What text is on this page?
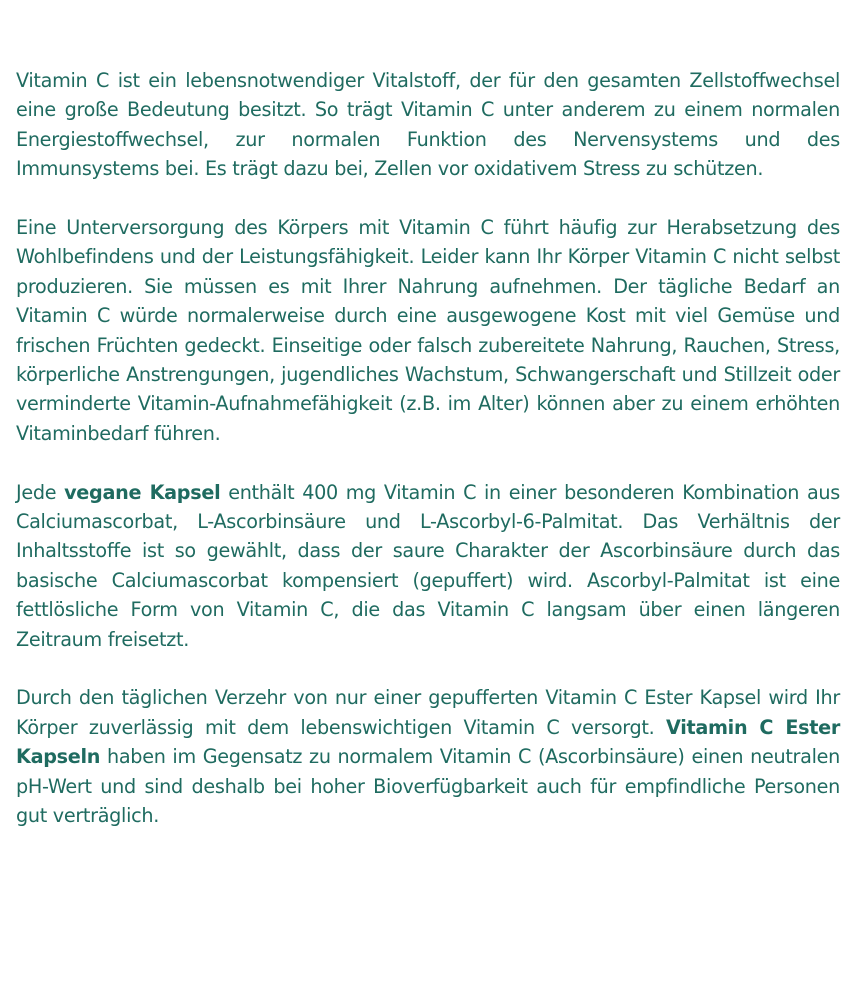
Vitamin C ist ein lebensnotwendiger Vitalstoff, der für den gesamten Zellstoffwechsel eine große Bedeutung besitzt. So trägt Vitamin C unter anderem zu einem normalen Energiestoffwechsel, zur normalen Funktion des Nervensystems und des Immunsystems bei. Es trägt dazu bei, Zellen vor oxidativem Stress zu schützen.

Eine Unterversorgung des Körpers mit Vitamin C führt häufig zur Herabsetzung des Wohlbefindens und der Leistungsfähigkeit. Leider kann Ihr Körper Vitamin C nicht selbst produzieren. Sie müssen es mit Ihrer Nahrung aufnehmen. Der tägliche Bedarf an Vitamin C würde normalerweise durch eine ausgewogene Kost mit viel Gemüse und frischen Früchten gedeckt. Einseitige oder falsch zubereitete Nahrung, Rauchen, Stress, körperliche Anstrengungen, jugendliches Wachstum, Schwangerschaft und Stillzeit oder verminderte Vitamin-Aufnahmefähigkeit (z.B. im Alter) können aber zu einem erhöhten Vitaminbedarf führen.

Jede vegane Kapsel enthält 400 mg Vitamin C in einer besonderen Kombination aus Calciumascorbat, L-Ascorbinsäure und L-Ascorbyl-6-Palmitat. Das Verhältnis der Inhaltsstoffe ist so gewählt, dass der saure Charakter der Ascorbinsäure durch das basische Calciumascorbat kompensiert (gepuffert) wird. Ascorbyl-Palmitat ist eine fettlösliche Form von Vitamin C, die das Vitamin C langsam über einen längeren Zeitraum freisetzt.

Durch den täglichen Verzehr von nur einer gepufferten Vitamin C Ester Kapsel wird Ihr Körper zuverlässig mit dem lebenswichtigen Vitamin C versorgt. Vitamin C Ester Kapseln haben im Gegensatz zu normalem Vitamin C (Ascorbinsäure) einen neutralen pH-Wert und sind deshalb bei hoher Bioverfügbarkeit auch für empfindliche Personen gut verträglich.
